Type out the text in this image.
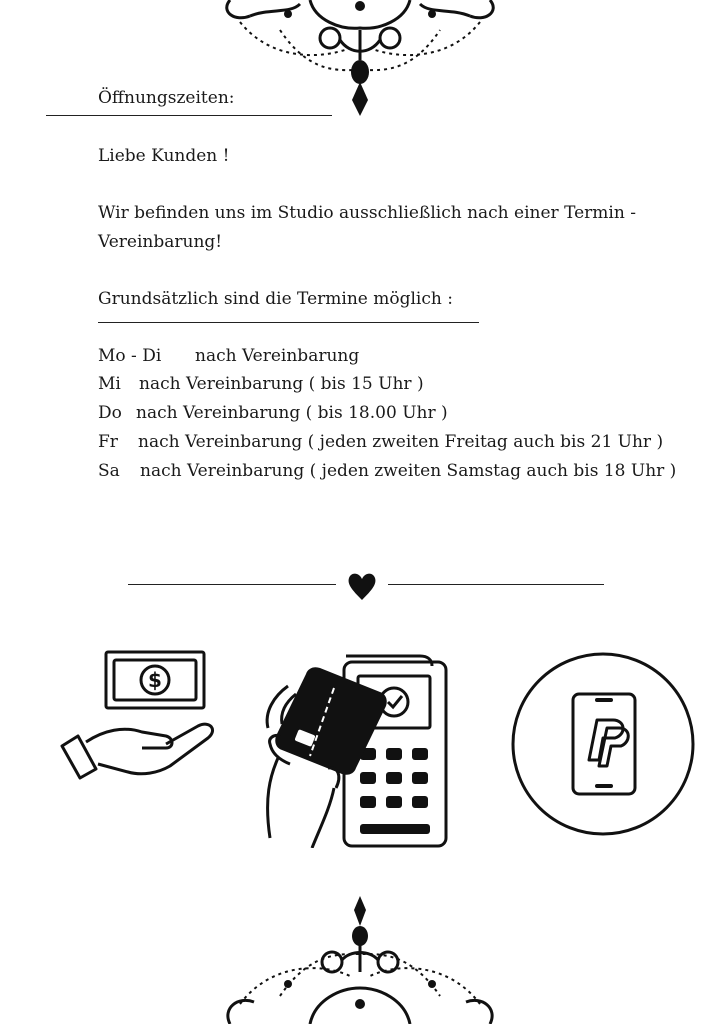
Öffnungszeiten:
Liebe Kunden !
Wir befinden uns im Studio ausschließlich nach einer Termin -
Vereinbarung!
Grundsätzlich sind die Termine möglich :
Mo - Di nach Vereinbarung
Mi nach Vereinbarung ( bis 15 Uhr )
Do nach Vereinbarung ( bis 18.00 Uhr )
Fr nach Vereinbarung ( jeden zweiten Freitag auch bis 21 Uhr )
Sa nach Vereinbarung ( jeden zweiten Samstag auch bis 18 Uhr )
$
